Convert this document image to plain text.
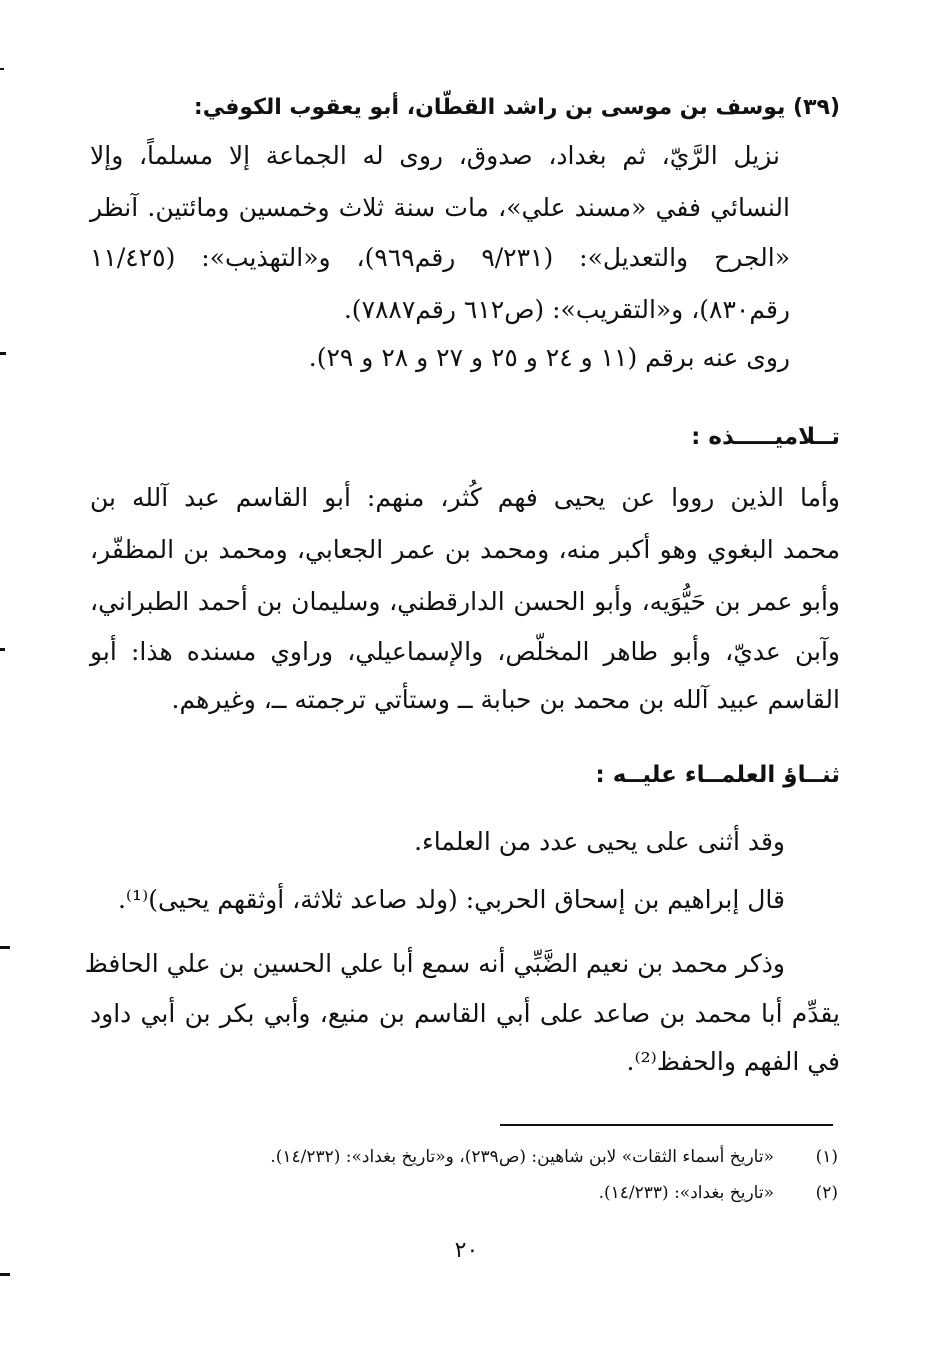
(٣٩) يوسف بن موسى بن راشد القطّان، أبو يعقوب الكوفي:
نزيل الرَّيّ، ثم بغداد، صدوق، روى له الجماعة إلا مسلماً، وإلا
النسائي ففي «مسند علي»، مات سنة ثلاث وخمسين ومائتين. آنظر
«الجرح والتعديل»: (٩/٢٣١ رقم٩٦٩)، و«التهذيب»: (١١/٤٢٥
رقم٨٣٠)، و«التقريب»: (ص٦١٢ رقم٧٨٨٧).
روى عنه برقم (١١ و ٢٤ و ٢٥ و ٢٧ و ٢٨ و ٢٩).
تــلاميـــــذه :
وأما الذين رووا عن يحيى فهم كُثر، منهم: أبو القاسم عبد آلله بن
محمد البغوي وهو أكبر منه، ومحمد بن عمر الجعابي، ومحمد بن المظفّر،
وأبو عمر بن حَيُّوَيه، وأبو الحسن الدارقطني، وسليمان بن أحمد الطبراني،
وآبن عديّ، وأبو طاهر المخلّص، والإسماعيلي، وراوي مسنده هذا: أبو
القاسم عبيد آلله بن محمد بن حبابة ــ وستأتي ترجمته ــ، وغيرهم.
ثنــاؤ العلمــاء عليــه :
وقد أثنى على يحيى عدد من العلماء.
قال إبراهيم بن إسحاق الحربي: (ولد صاعد ثلاثة، أوثقهم يحيى)⁽¹⁾.
وذكر محمد بن نعيم الضَّبِّي أنه سمع أبا علي الحسين بن علي الحافظ
يقدِّم أبا محمد بن صاعد على أبي القاسم بن منيع، وأبي بكر بن أبي داود
في الفهم والحفظ⁽²⁾.
(١)
«تاريخ أسماء الثقات» لابن شاهين: (ص٢٣٩)، و«تاريخ بغداد»: (١٤/٢٣٢).
(٢)
«تاريخ بغداد»: (١٤/٢٣٣).
٢٠
